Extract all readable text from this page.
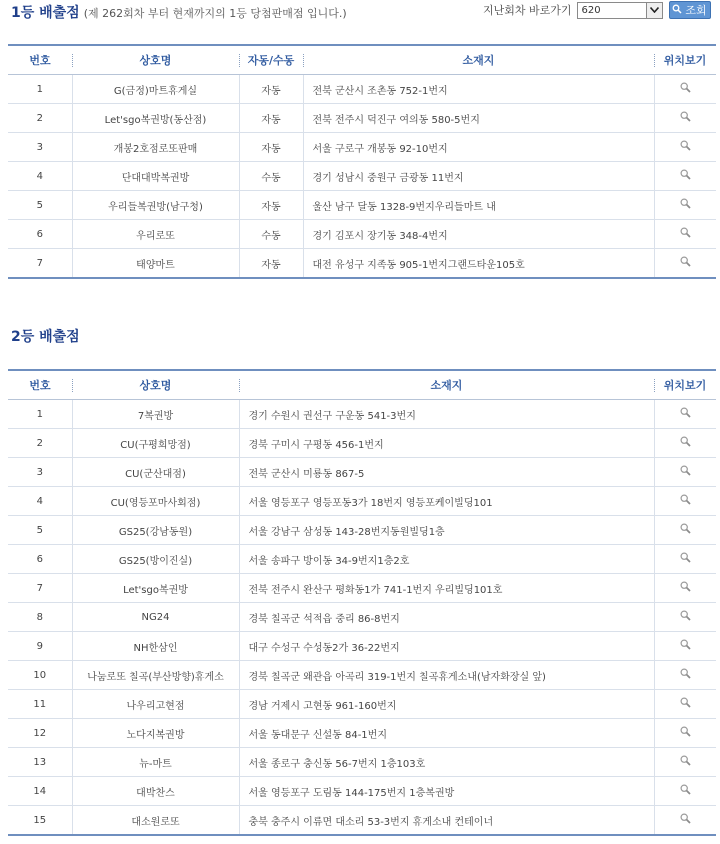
1등 배출점 (제 262회차 부터 현재까지의 1등 당첨판매점 입니다.)	지난회차 바로가기	620	조회
번호	상호명	자동/수동	소재지	위치보기
1	G(금정)마트휴게실	자동	전북 군산시 조촌동 752-1번지	
2	Let'sgo복권방(동산점)	자동	전북 전주시 덕진구 여의동 580-5번지	
3	개봉2호점로또판매	자동	서울 구로구 개봉동 92-10번지	
4	단대대박복권방	수동	경기 성남시 중원구 금광동 11번지	
5	우리들복권방(남구청)	자동	울산 남구 달동 1328-9번지우리들마트 내	
6	우리로또	수동	경기 김포시 장기동 348-4번지	
7	태양마트	자동	대전 유성구 지족동 905-1번지그랜드타운105호	
2등 배출점
번호	상호명	소재지	위치보기
1	7복권방	경기 수원시 권선구 구운동 541-3번지	
2	CU(구평희망점)	경북 구미시 구평동 456-1번지	
3	CU(군산대점)	전북 군산시 미룡동 867-5	
4	CU(영등포마사회점)	서울 영등포구 영등포동3가 18번지 영등포케이빌딩101	
5	GS25(강남동원)	서울 강남구 삼성동 143-28번지동원빌딩1층	
6	GS25(방이진실)	서울 송파구 방이동 34-9번지1층2호	
7	Let'sgo복권방	전북 전주시 완산구 평화동1가 741-1번지 우리빌딩101호	
8	NG24	경북 칠곡군 석적읍 중리 86-8번지	
9	NH한삼인	대구 수성구 수성동2가 36-22번지	
10	나눔로또 칠곡(부산방향)휴게소	경북 칠곡군 왜관읍 아곡리 319-1번지 칠곡휴게소내(남자화장실 앞)	
11	나우리고현점	경남 거제시 고현동 961-160번지	
12	노다지복권방	서울 동대문구 신설동 84-1번지	
13	뉴-마트	서울 종로구 충신동 56-7번지 1층103호	
14	대박찬스	서울 영등포구 도림동 144-175번지 1층복권방	
15	대소원로또	충북 충주시 이류면 대소리 53-3번지 휴게소내 컨테이너	
